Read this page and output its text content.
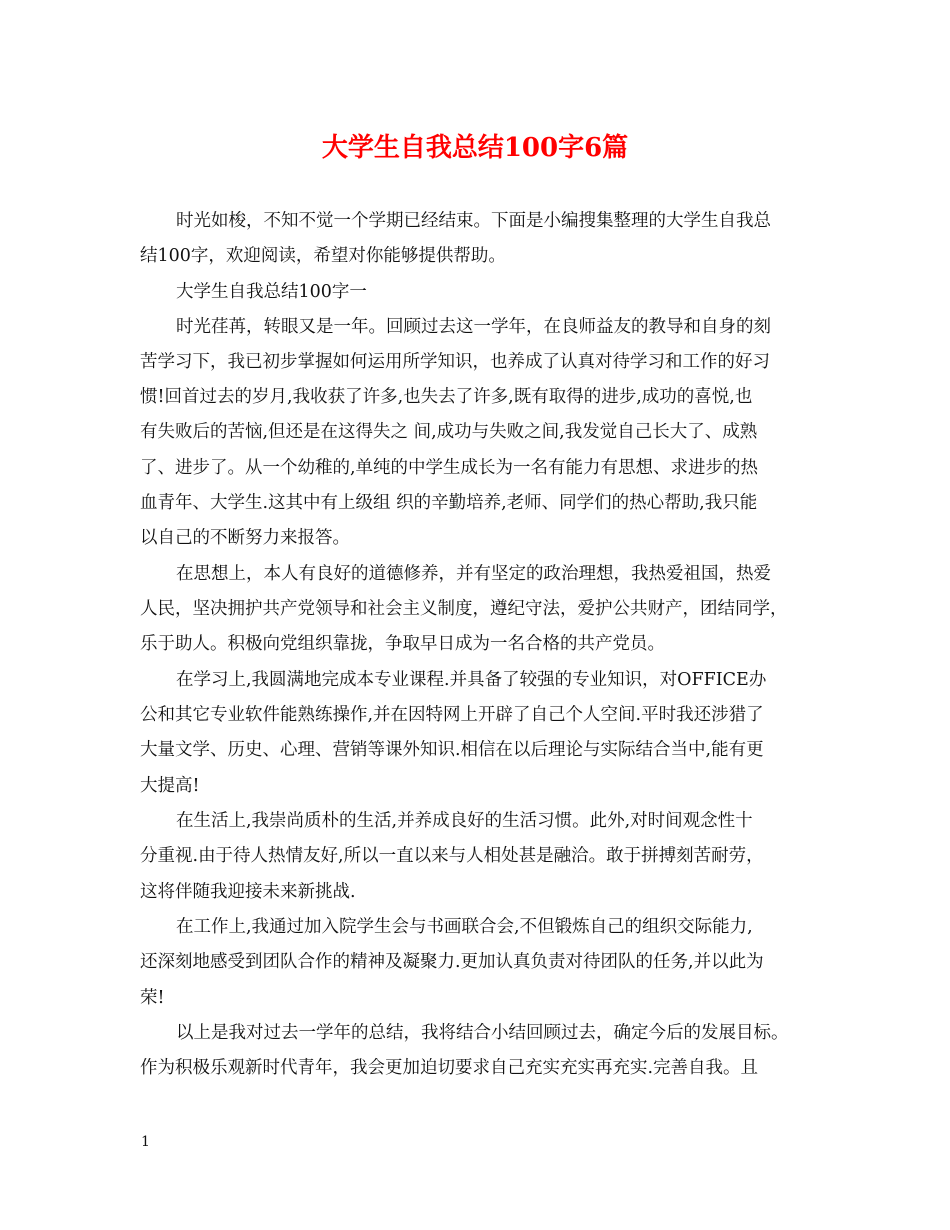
大学生自我总结100字6篇
时光如梭，不知不觉一个学期已经结束。下面是小编搜集整理的大学生自我总
结100字，欢迎阅读，希望对你能够提供帮助。
大学生自我总结100字一
时光荏苒，转眼又是一年。回顾过去这一学年，在良师益友的教导和自身的刻
苦学习下，我已初步掌握如何运用所学知识，也养成了认真对待学习和工作的好习
惯!回首过去的岁月,我收获了许多,也失去了许多,既有取得的进步,成功的喜悦,也
有失败后的苦恼,但还是在这得失之 间,成功与失败之间,我发觉自己长大了、成熟
了、进步了。从一个幼稚的,单纯的中学生成长为一名有能力有思想、求进步的热
血青年、大学生.这其中有上级组 织的辛勤培养,老师、同学们的热心帮助,我只能
以自己的不断努力来报答。
在思想上，本人有良好的道德修养，并有坚定的政治理想，我热爱祖国，热爱
人民，坚决拥护共产党领导和社会主义制度，遵纪守法，爱护公共财产，团结同学，
乐于助人。积极向党组织靠拢，争取早日成为一名合格的共产党员。
在学习上,我圆满地完成本专业课程.并具备了较强的专业知识，对OFFICE办
公和其它专业软件能熟练操作,并在因特网上开辟了自己个人空间.平时我还涉猎了
大量文学、历史、心理、营销等课外知识.相信在以后理论与实际结合当中,能有更
大提高!
在生活上,我崇尚质朴的生活,并养成良好的生活习惯。此外,对时间观念性十
分重视.由于待人热情友好,所以一直以来与人相处甚是融洽。敢于拼搏刻苦耐劳，
这将伴随我迎接未来新挑战.
在工作上,我通过加入院学生会与书画联合会,不但锻炼自己的组织交际能力,
还深刻地感受到团队合作的精神及凝聚力.更加认真负责对待团队的任务,并以此为
荣!
以上是我对过去一学年的总结，我将结合小结回顾过去，确定今后的发展目标。
作为积极乐观新时代青年，我会更加迫切要求自己充实充实再充实.完善自我。且
1
